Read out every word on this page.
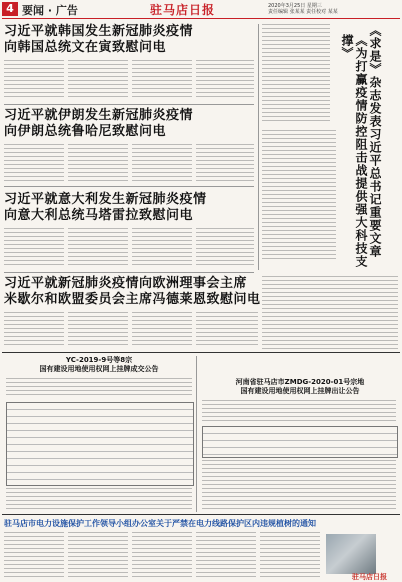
4 要闻 · 广告	驻马店日报	2020年3月25日 星期三
责任编辑 张某某 责任校对 某某
习近平就韩国发生新冠肺炎疫情
向韩国总统文在寅致慰问电
习近平就伊朗发生新冠肺炎疫情
向伊朗总统鲁哈尼致慰问电
习近平就意大利发生新冠肺炎疫情
向意大利总统马塔雷拉致慰问电
习近平就新冠肺炎疫情向欧洲理事会主席
米歇尔和欧盟委员会主席冯德莱恩致慰问电
《求是》杂志发表习近平总书记重要文章
《为打赢疫情防控阻击战提供强大科技支撑》
YC-2019-9号等8宗
国有建设用地使用权网上挂牌成交公告
河南省驻马店市ZMDG-2020-01号宗地
国有建设用地使用权网上挂牌出让公告
驻马店市电力设施保护工作领导小组办公室关于严禁在电力线路保护区内违规植树的通知
驻马店日报
